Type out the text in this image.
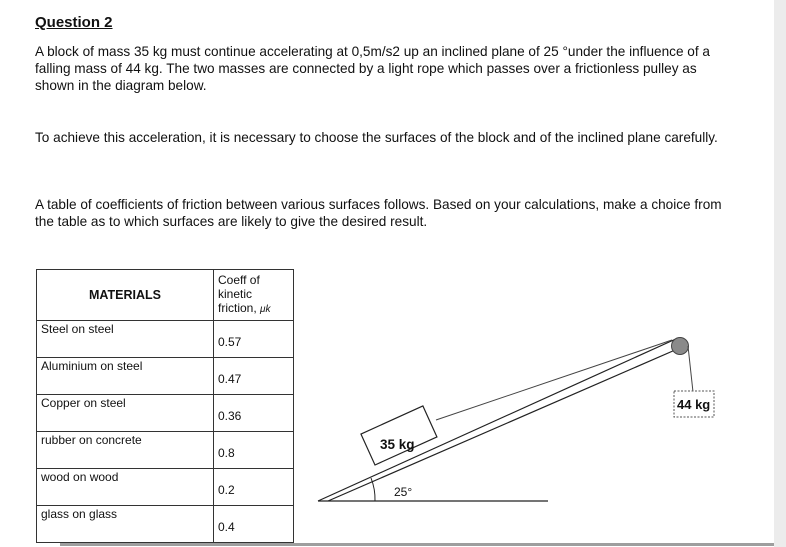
Question 2
A block of mass 35 kg must continue accelerating at 0,5m/s2 up an inclined plane of 25 °under the influence of a falling mass of 44 kg. The two masses are connected by a light rope which passes over a frictionless pulley as shown in the diagram below.
To achieve this acceleration, it is necessary to choose the surfaces of the block and of the inclined plane carefully.
A table of coefficients of friction between various surfaces follows. Based on your calculations, make a choice from the table as to which surfaces are likely to give the desired result.
MATERIALS	Coeff of kinetic friction, μk
Steel on steel	0.57
Aluminium on steel	0.47
Copper on steel	0.36
rubber on concrete	0.8
wood on wood	0.2
glass on glass	0.4
25°
35 kg
44 kg
